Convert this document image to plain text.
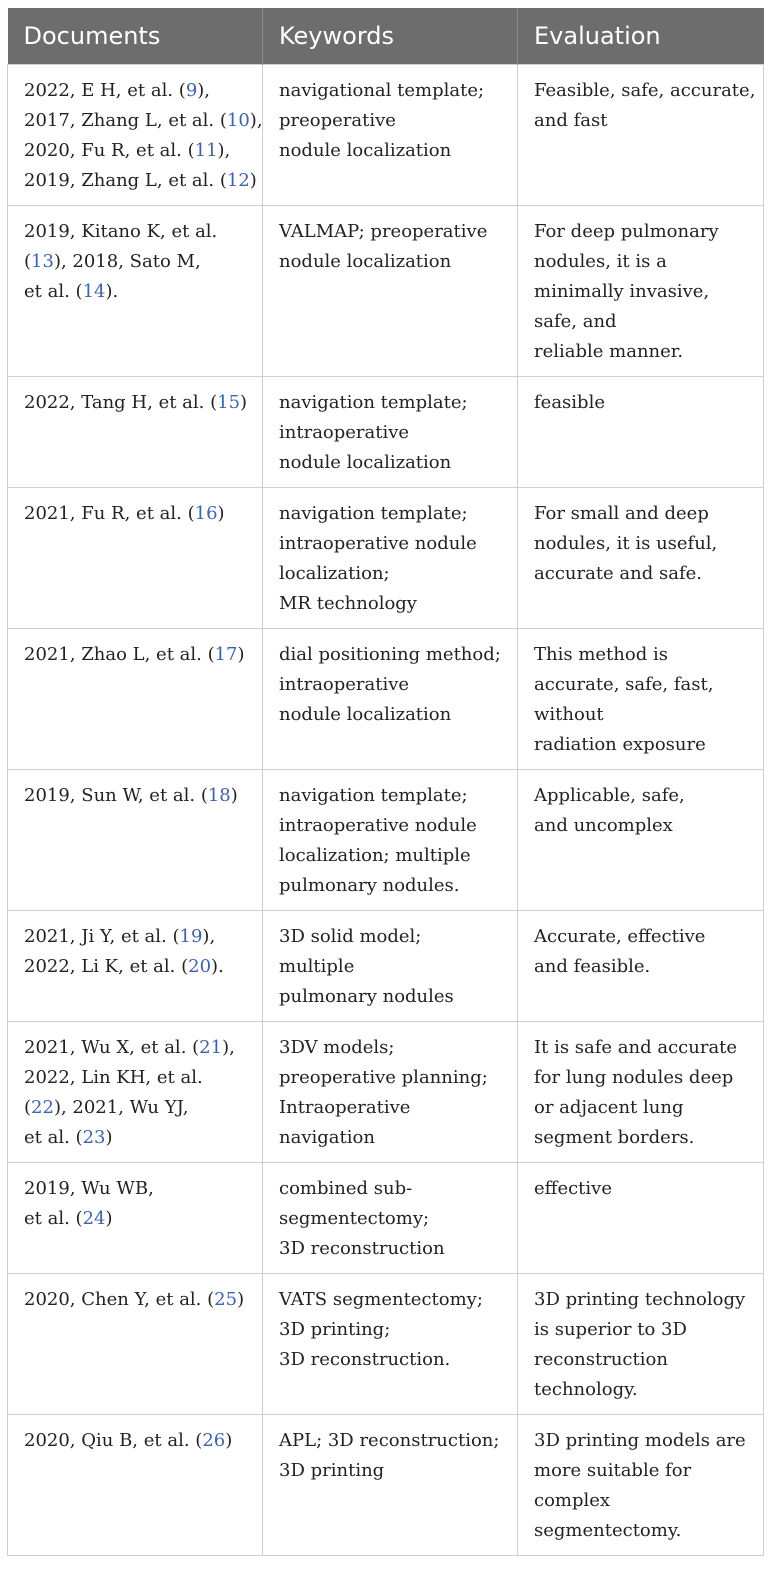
Documents	Keywords	Evaluation

2022, E H, et al. (9),
2017, Zhang L, et al. (10),
2020, Fu R, et al. (11),
2019, Zhang L, et al. (12)	navigational template;
preoperative
nodule localization	Feasible, safe, accurate,
and fast

2019, Kitano K, et al.
(13), 2018, Sato M,
et al. (14).	VALMAP; preoperative
nodule localization	For deep pulmonary
nodules, it is a
minimally invasive,
safe, and
reliable manner.

2022, Tang H, et al. (15)	navigation template;
intraoperative
nodule localization	feasible

2021, Fu R, et al. (16)	navigation template;
intraoperative nodule
localization;
MR technology	For small and deep
nodules, it is useful,
accurate and safe.

2021, Zhao L, et al. (17)	dial positioning method;
intraoperative
nodule localization	This method is
accurate, safe, fast,
without
radiation exposure

2019, Sun W, et al. (18)	navigation template;
intraoperative nodule
localization; multiple
pulmonary nodules.	Applicable, safe,
and uncomplex

2021, Ji Y, et al. (19),
2022, Li K, et al. (20).	3D solid model;
multiple
pulmonary nodules	Accurate, effective
and feasible.

2021, Wu X, et al. (21),
2022, Lin KH, et al.
(22), 2021, Wu YJ,
et al. (23)	3DV models;
preoperative planning;
Intraoperative
navigation	It is safe and accurate
for lung nodules deep
or adjacent lung
segment borders.

2019, Wu WB,
et al. (24)	combined sub-
segmentectomy;
3D reconstruction	effective

2020, Chen Y, et al. (25)	VATS segmentectomy;
3D printing;
3D reconstruction.	3D printing technology
is superior to 3D
reconstruction
technology.

2020, Qiu B, et al. (26)	APL; 3D reconstruction;
3D printing	3D printing models are
more suitable for
complex
segmentectomy.
